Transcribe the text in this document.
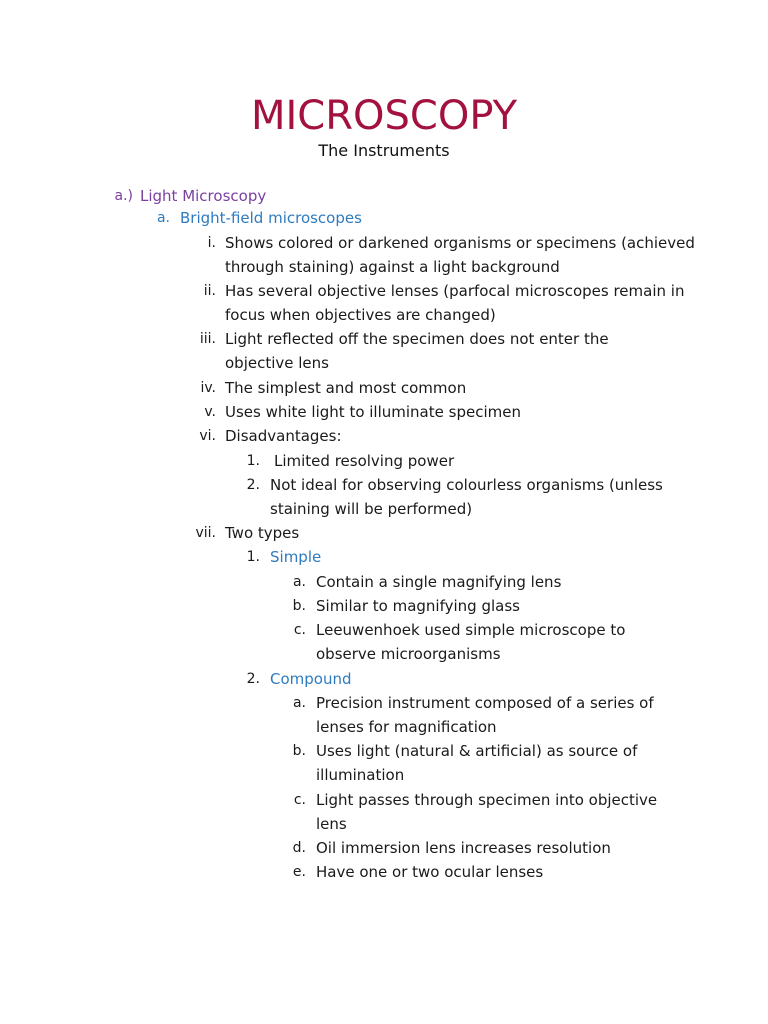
MICROSCOPY
The Instruments
a.) Light Microscopy
a. Bright-field microscopes
i. Shows colored or darkened organisms or specimens (achieved
through staining) against a light background
ii. Has several objective lenses (parfocal microscopes remain in
focus when objectives are changed)
iii. Light reflected off the specimen does not enter the
objective lens
iv. The simplest and most common
v. Uses white light to illuminate specimen
vi. Disadvantages:
1. Limited resolving power
2. Not ideal for observing colourless organisms (unless
staining will be performed)
vii. Two types
1. Simple
a. Contain a single magnifying lens
b. Similar to magnifying glass
c. Leeuwenhoek used simple microscope to
observe microorganisms
2. Compound
a. Precision instrument composed of a series of
lenses for magnification
b. Uses light (natural & artificial) as source of
illumination
c. Light passes through specimen into objective
lens
d. Oil immersion lens increases resolution
e. Have one or two ocular lenses
